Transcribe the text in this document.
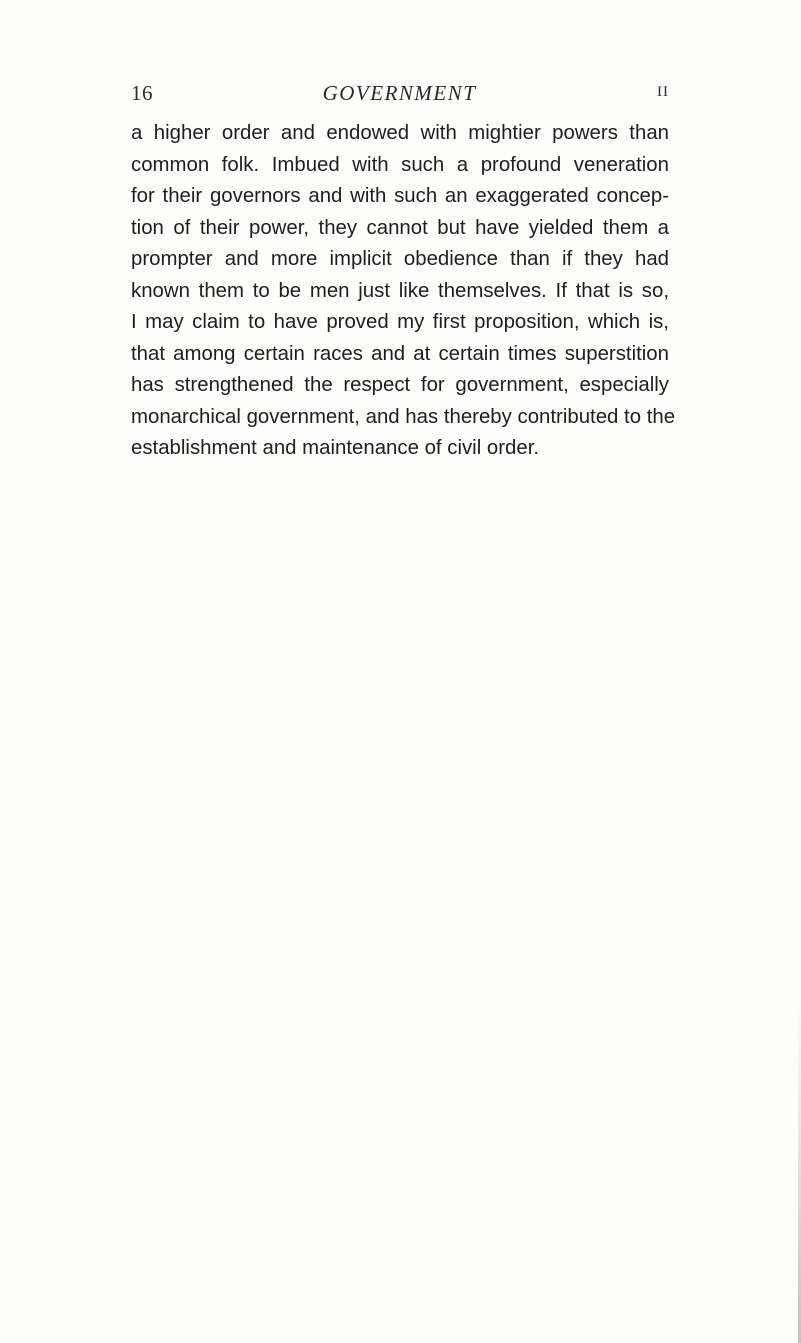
16	GOVERNMENT	II
a higher order and endowed with mightier powers than
common folk. Imbued with such a profound veneration
for their governors and with such an exaggerated concep-
tion of their power, they cannot but have yielded them a
prompter and more implicit obedience than if they had
known them to be men just like themselves. If that is so,
I may claim to have proved my first proposition, which is,
that among certain races and at certain times superstition
has strengthened the respect for government, especially
monarchical government, and has thereby contributed to the
establishment and maintenance of civil order.
